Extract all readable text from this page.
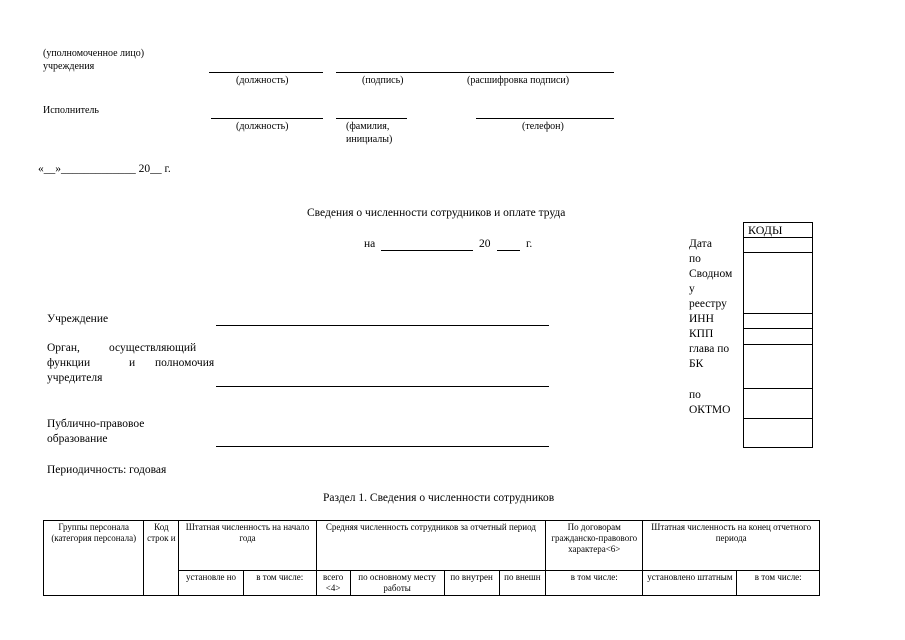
(уполномоченное лицо)
учреждения
(должность)	(подпись)	(расшифровка подписи)
Исполнитель
(должность)	(фамилия,
инициалы)
(телефон)
«__»_____________ 20__ г.
Сведения о численности сотрудников и оплате труда
на	20	г.
КОДЫ
Дата
по
Сводном
у
реестру
ИНН
КПП
глава по
БК
по
ОКТМО
Учреждение
Орган,	осуществляющий
функции	и полномочия
учредителя
Публично-правовое
образование
Периодичность: годовая
Раздел 1. Сведения о численности сотрудников
Группы персонала (категория персонала)	Код строк и	Штатная численность на начало года		Средняя численность сотрудников за отчетный период				По договорам гражданско-правового характера<6>	Штатная численность на конец отчетного периода	
		установле но	в том числе:	всего <4>	по основному месту работы	по внутрен	по внешн	в том числе:	установлено штатным	в том числе:
